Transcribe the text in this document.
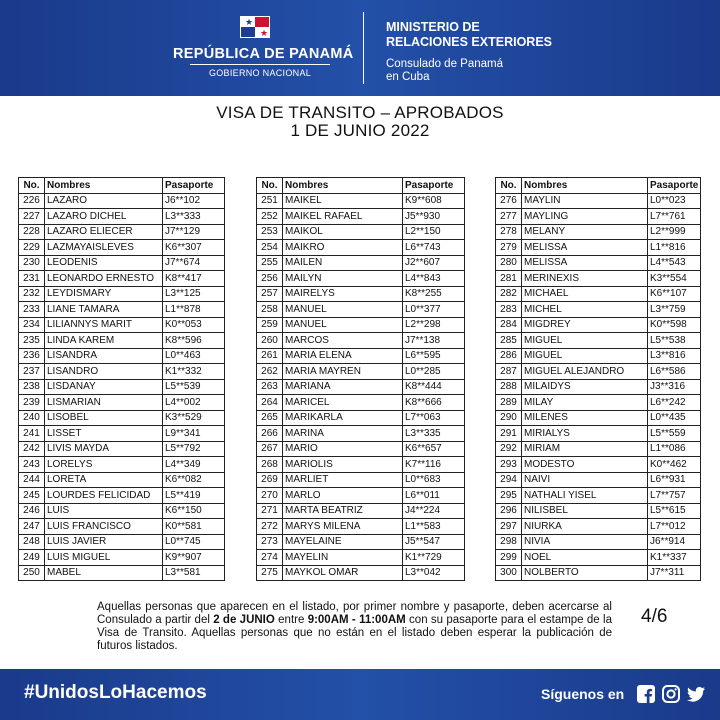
★
★
REPÚBLICA DE PANAMÁ
GOBIERNO NACIONAL
MINISTERIO DE
RELACIONES EXTERIORES
Consulado de Panamá
en Cuba
VISA DE TRANSITO – APROBADOS
1 DE JUNIO 2022
No.	Nombres	Pasaporte
226	LAZARO	J6**102
227	LAZARO DICHEL	L3**333
228	LAZARO ELIECER	J7**129
229	LAZMAYAISLEVES	K6**307
230	LEODENIS	J7**674
231	LEONARDO ERNESTO	K8**417
232	LEYDISMARY	L3**125
233	LIANE TAMARA	L1**878
234	LILIANNYS MARIT	K0**053
235	LINDA KAREM	K8**596
236	LISANDRA	L0**463
237	LISANDRO	K1**332
238	LISDANAY	L5**539
239	LISMARIAN	L4**002
240	LISOBEL	K3**529
241	LISSET	L9**341
242	LIVIS MAYDA	L5**792
243	LORELYS	L4**349
244	LORETA	K6**082
245	LOURDES FELICIDAD	L5**419
246	LUIS	K6**150
247	LUIS FRANCISCO	K0**581
248	LUIS JAVIER	L0**745
249	LUIS MIGUEL	K9**907
250	MABEL	L3**581
No.	Nombres	Pasaporte
251	MAIKEL	K9**608
252	MAIKEL RAFAEL	J5**930
253	MAIKOL	L2**150
254	MAIKRO	L6**743
255	MAILEN	J2**607
256	MAILYN	L4**843
257	MAIRELYS	K8**255
258	MANUEL	L0**377
259	MANUEL	L2**298
260	MARCOS	J7**138
261	MARIA ELENA	L6**595
262	MARIA MAYREN	L0**285
263	MARIANA	K8**444
264	MARICEL	K8**666
265	MARIKARLA	L7**063
266	MARINA	L3**335
267	MARIO	K6**657
268	MARIOLIS	K7**116
269	MARLIET	L0**683
270	MARLO	L6**011
271	MARTA BEATRIZ	J4**224
272	MARYS MILENA	L1**583
273	MAYELAINE	J5**547
274	MAYELIN	K1**729
275	MAYKOL OMAR	L3**042
No.	Nombres	Pasaporte
276	MAYLIN	L0**023
277	MAYLING	L7**761
278	MELANY	L2**999
279	MELISSA	L1**816
280	MELISSA	L4**543
281	MERINEXIS	K3**554
282	MICHAEL	K6**107
283	MICHEL	L3**759
284	MIGDREY	K0**598
285	MIGUEL	L5**538
286	MIGUEL	L3**816
287	MIGUEL ALEJANDRO	L6**586
288	MILAIDYS	J3**316
289	MILAY	L6**242
290	MILENES	L0**435
291	MIRIALYS	L5**559
292	MIRIAM	L1**086
293	MODESTO	K0**462
294	NAIVI	L6**931
295	NATHALI YISEL	L7**757
296	NILISBEL	L5**615
297	NIURKA	L7**012
298	NIVIA	J6**914
299	NOEL	K1**337
300	NOLBERTO	J7**311

Aquellas personas que aparecen en el listado, por primer nombre y pasaporte, deben acercarse al Consulado a partir del 2 de JUNIO entre 9:00AM - 11:00AM con su pasaporte para el estampe de la Visa de Transito. Aquellas personas que no están en el listado deben esperar la publicación de futuros listados.

4/6
#UnidosLoHacemos	Síguenos en
